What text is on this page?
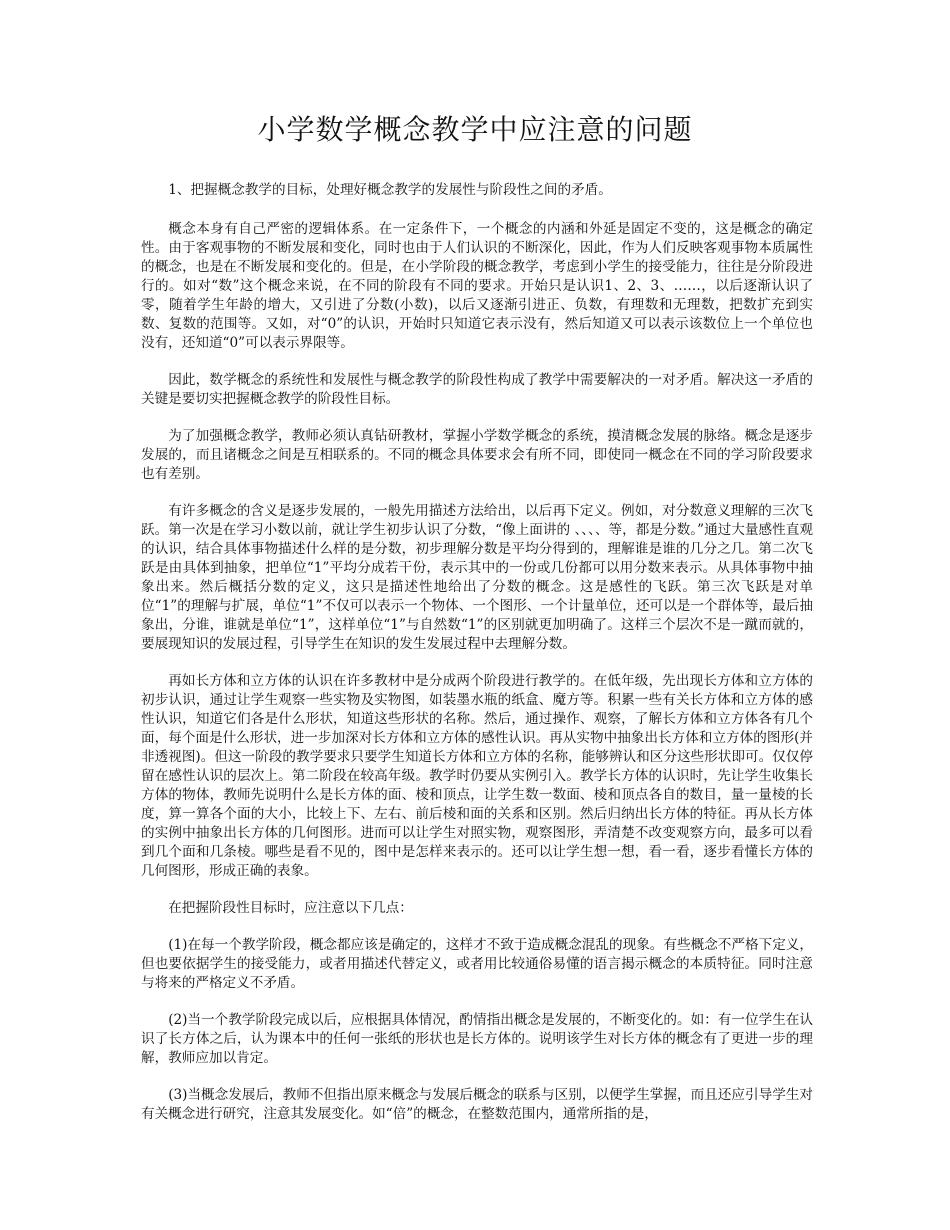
小学数学概念教学中应注意的问题

1、把握概念教学的目标，处理好概念教学的发展性与阶段性之间的矛盾。

概念本身有自己严密的逻辑体系。在一定条件下，一个概念的内涵和外延是固定不变的，这是概念的确定性。由于客观事物的不断发展和变化，同时也由于人们认识的不断深化，因此，作为人们反映客观事物本质属性的概念，也是在不断发展和变化的。但是，在小学阶段的概念教学，考虑到小学生的接受能力，往往是分阶段进行的。如对“数”这个概念来说，在不同的阶段有不同的要求。开始只是认识1、2、3、……，以后逐渐认识了零，随着学生年龄的增大，又引进了分数(小数)，以后又逐渐引进正、负数，有理数和无理数，把数扩充到实数、复数的范围等。又如，对“0”的认识，开始时只知道它表示没有，然后知道又可以表示该数位上一个单位也没有，还知道“0”可以表示界限等。

因此，数学概念的系统性和发展性与概念教学的阶段性构成了教学中需要解决的一对矛盾。解决这一矛盾的关键是要切实把握概念教学的阶段性目标。

为了加强概念教学，教师必须认真钻研教材，掌握小学数学概念的系统，摸清概念发展的脉络。概念是逐步发展的，而且诸概念之间是互相联系的。不同的概念具体要求会有所不同，即使同一概念在不同的学习阶段要求也有差别。

有许多概念的含义是逐步发展的，一般先用描述方法给出，以后再下定义。例如，对分数意义理解的三次飞跃。第一次是在学习小数以前，就让学生初步认识了分数，“像上面讲的 、、、、等，都是分数。”通过大量感性直观的认识，结合具体事物描述什么样的是分数，初步理解分数是平均分得到的，理解谁是谁的几分之几。第二次飞跃是由具体到抽象，把单位“1”平均分成若干份，表示其中的一份或几份都可以用分数来表示。从具体事物中抽象出来。然后概括分数的定义，这只是描述性地给出了分数的概念。这是感性的飞跃。第三次飞跃是对单位“1”的理解与扩展，单位“1”不仅可以表示一个物体、一个图形、一个计量单位，还可以是一个群体等，最后抽象出，分谁，谁就是单位“1”，这样单位“1”与自然数“1”的区别就更加明确了。这样三个层次不是一蹴而就的，要展现知识的发展过程，引导学生在知识的发生发展过程中去理解分数。

再如长方体和立方体的认识在许多教材中是分成两个阶段进行教学的。在低年级，先出现长方体和立方体的初步认识，通过让学生观察一些实物及实物图，如装墨水瓶的纸盒、魔方等。积累一些有关长方体和立方体的感性认识，知道它们各是什么形状，知道这些形状的名称。然后，通过操作、观察，了解长方体和立方体各有几个面，每个面是什么形状，进一步加深对长方体和立方体的感性认识。再从实物中抽象出长方体和立方体的图形(并非透视图)。但这一阶段的教学要求只要学生知道长方体和立方体的名称，能够辨认和区分这些形状即可。仅仅停留在感性认识的层次上。第二阶段在较高年级。教学时仍要从实例引入。教学长方体的认识时，先让学生收集长方体的物体，教师先说明什么是长方体的面、棱和顶点，让学生数一数面、棱和顶点各自的数目，量一量棱的长度，算一算各个面的大小，比较上下、左右、前后棱和面的关系和区别。然后归纳出长方体的特征。再从长方体的实例中抽象出长方体的几何图形。进而可以让学生对照实物，观察图形，弄清楚不改变观察方向，最多可以看到几个面和几条棱。哪些是看不见的，图中是怎样来表示的。还可以让学生想一想，看一看，逐步看懂长方体的几何图形，形成正确的表象。

在把握阶段性目标时，应注意以下几点：

(1)在每一个教学阶段，概念都应该是确定的，这样才不致于造成概念混乱的现象。有些概念不严格下定义，但也要依据学生的接受能力，或者用描述代替定义，或者用比较通俗易懂的语言揭示概念的本质特征。同时注意与将来的严格定义不矛盾。

(2)当一个教学阶段完成以后，应根据具体情况，酌情指出概念是发展的，不断变化的。如：有一位学生在认识了长方体之后，认为课本中的任何一张纸的形状也是长方体的。说明该学生对长方体的概念有了更进一步的理解，教师应加以肯定。

(3)当概念发展后，教师不但指出原来概念与发展后概念的联系与区别，以便学生掌握，而且还应引导学生对有关概念进行研究，注意其发展变化。如“倍”的概念，在整数范围内，通常所指的是，
